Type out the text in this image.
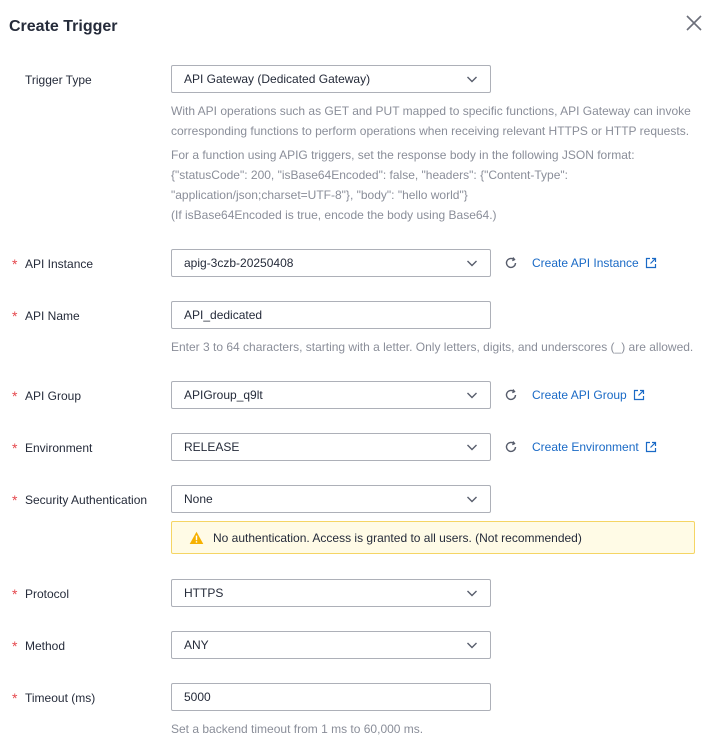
Create Trigger
Trigger Type	API Gateway (Dedicated Gateway)
With API operations such as GET and PUT mapped to specific functions, API Gateway can invoke
corresponding functions to perform operations when receiving relevant HTTPS or HTTP requests.
For a function using APIG triggers, set the response body in the following JSON format:
{"statusCode": 200, "isBase64Encoded": false, "headers": {"Content-Type":
"application/json;charset=UTF-8"}, "body": "hello world"}
(If isBase64Encoded is true, encode the body using Base64.)
* API Instance	apig-3czb-20250408	Create API Instance
* API Name	API_dedicated
Enter 3 to 64 characters, starting with a letter. Only letters, digits, and underscores (_) are allowed.
* API Group	APIGroup_q9lt	Create API Group
* Environment	RELEASE	Create Environment
* Security Authentication	None
No authentication. Access is granted to all users. (Not recommended)
* Protocol	HTTPS
* Method	ANY
* Timeout (ms)	5000
Set a backend timeout from 1 ms to 60,000 ms.
